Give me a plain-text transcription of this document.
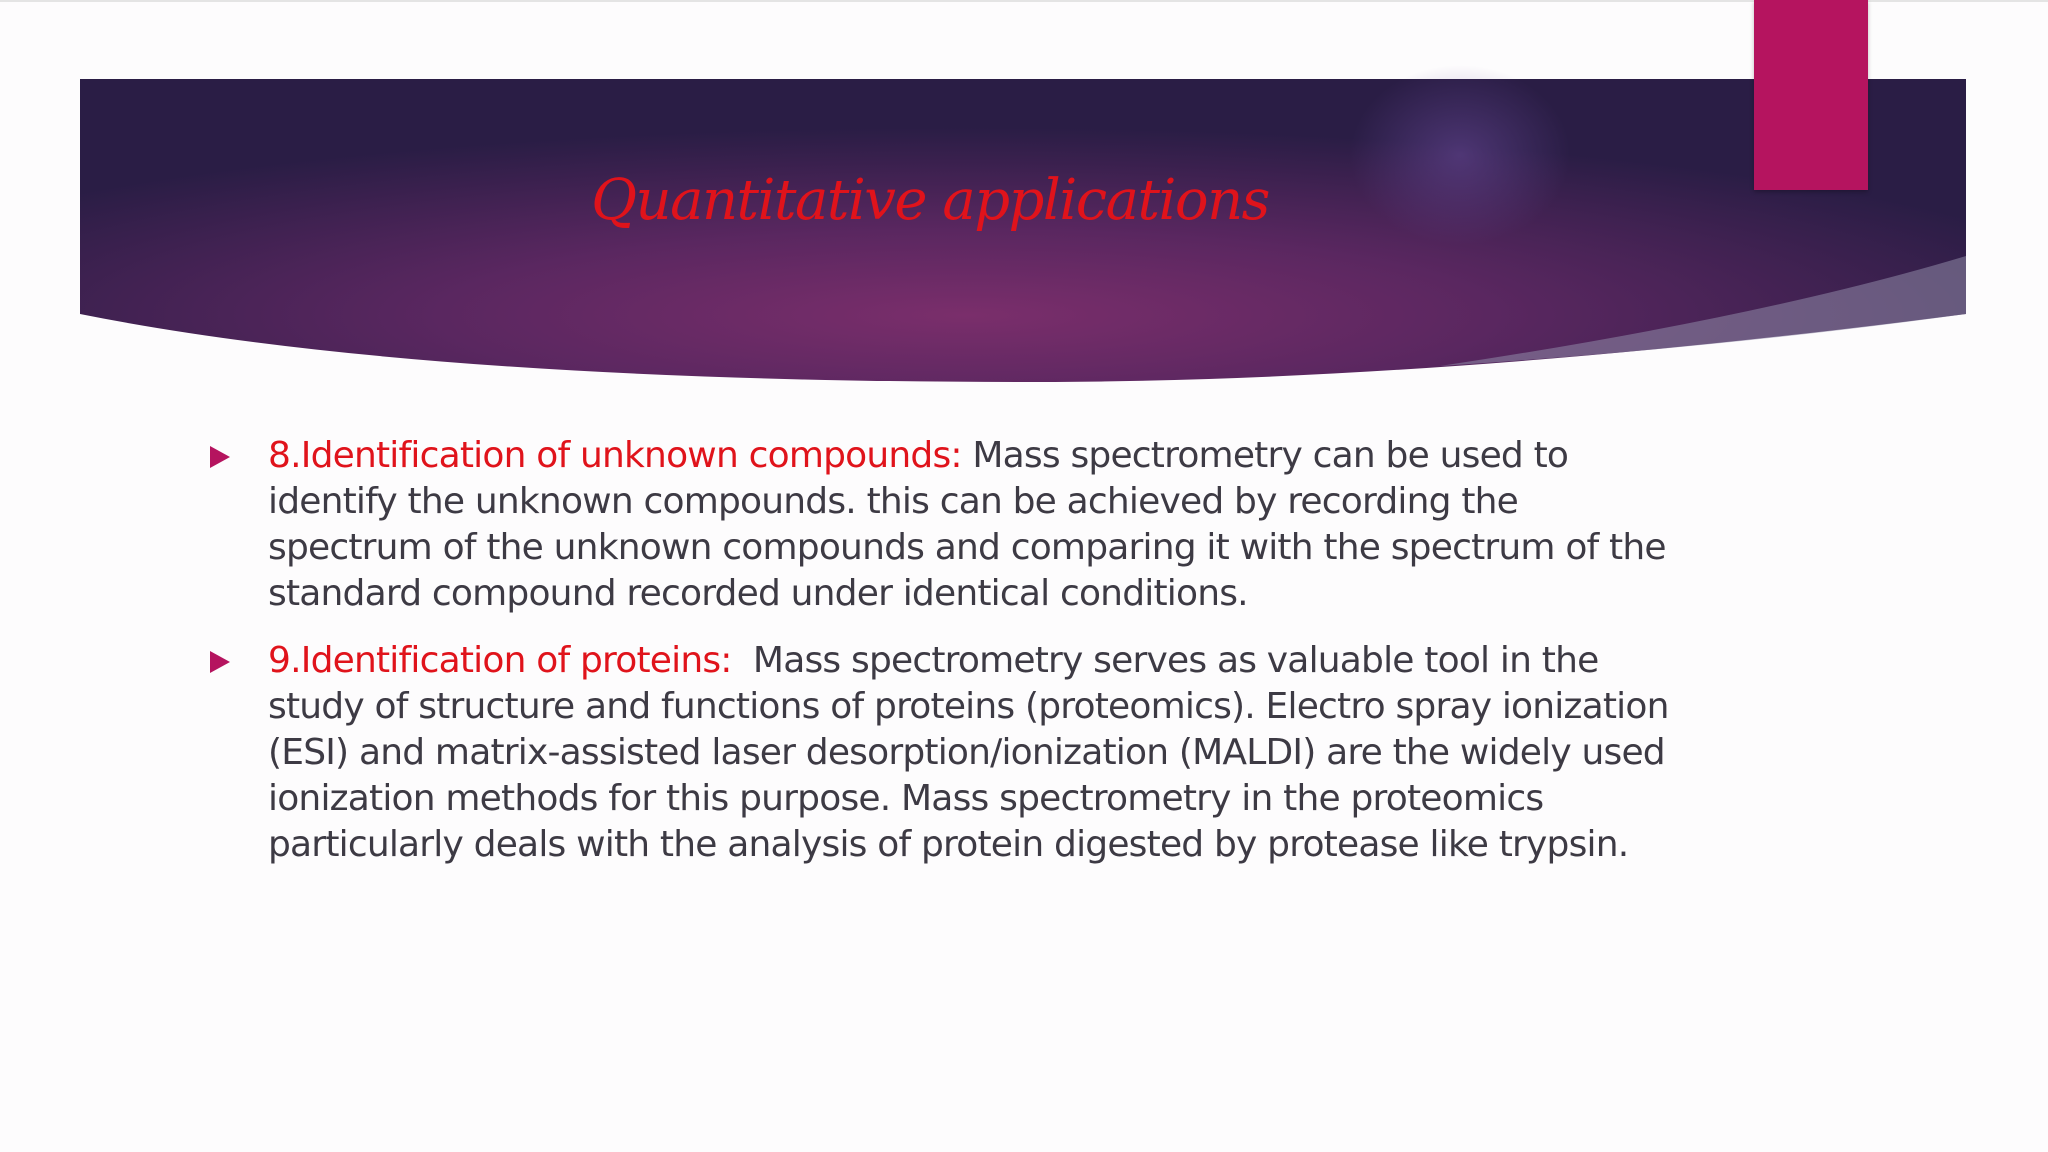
Quantitative applications
8.Identification of unknown compounds: Mass spectrometry can be used to identify the unknown compounds. this can be achieved by recording the spectrum of the unknown compounds and comparing it with the spectrum of the standard compound recorded under identical conditions.
9.Identification of proteins:  Mass spectrometry serves as valuable tool in the study of structure and functions of proteins (proteomics). Electro spray ionization (ESI) and matrix-assisted laser desorption/ionization (MALDI) are the widely used ionization methods for this purpose. Mass spectrometry in the proteomics particularly deals with the analysis of protein digested by protease like trypsin.
